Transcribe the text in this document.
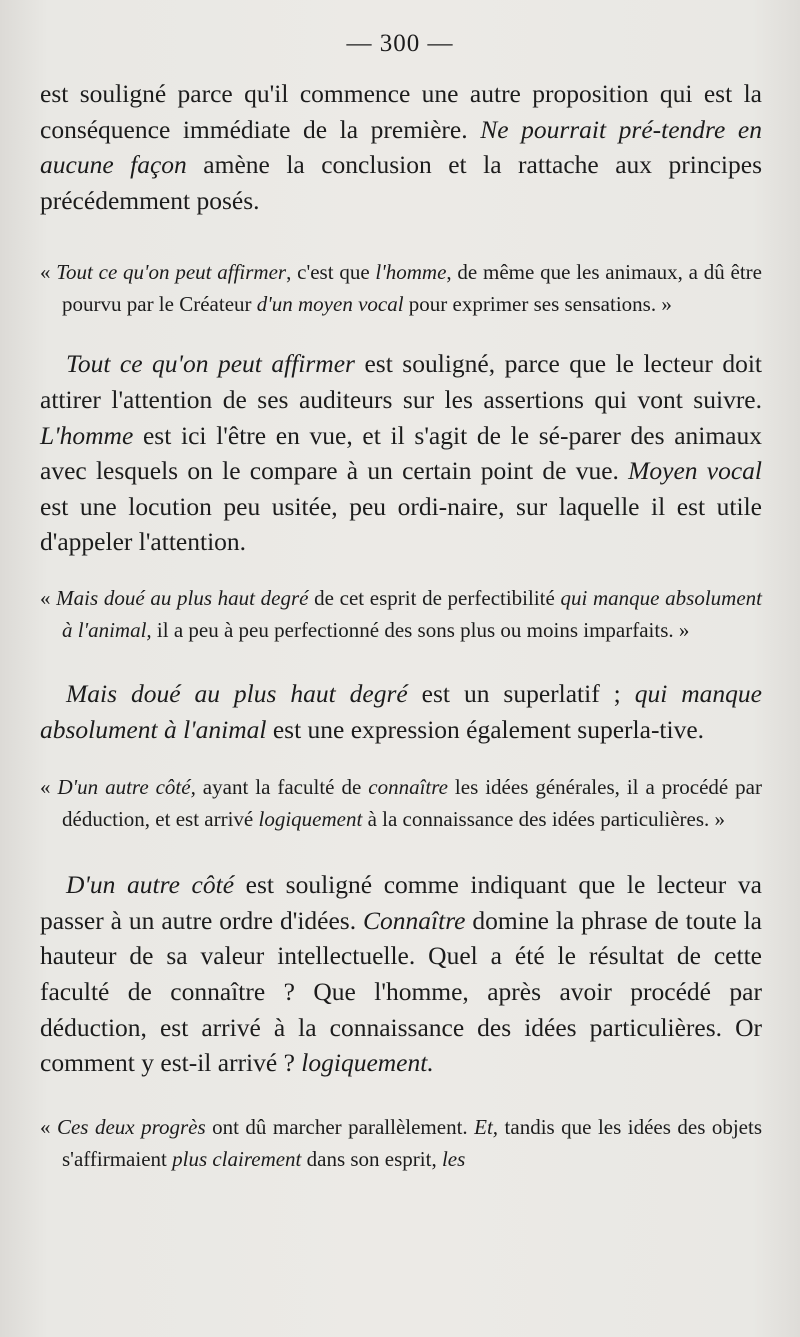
— 300 —

est souligné parce qu'il commence une autre proposition qui est la conséquence immédiate de la première. Ne pourrait pré-tendre en aucune façon amène la conclusion et la rattache aux principes précédemment posés.

« Tout ce qu'on peut affirmer, c'est que l'homme, de même que les animaux, a dû être pourvu par le Créateur d'un moyen vocal pour exprimer ses sensations. »

Tout ce qu'on peut affirmer est souligné, parce que le lecteur doit attirer l'attention de ses auditeurs sur les assertions qui vont suivre. L'homme est ici l'être en vue, et il s'agit de le sé-parer des animaux avec lesquels on le compare à un certain point de vue. Moyen vocal est une locution peu usitée, peu ordi-naire, sur laquelle il est utile d'appeler l'attention.

« Mais doué au plus haut degré de cet esprit de perfectibilité qui manque absolument à l'animal, il a peu à peu perfectionné des sons plus ou moins imparfaits. »

Mais doué au plus haut degré est un superlatif ; qui manque absolument à l'animal est une expression également superla-tive.

« D'un autre côté, ayant la faculté de connaître les idées générales, il a procédé par déduction, et est arrivé logiquement à la connaissance des idées particulières. »

D'un autre côté est souligné comme indiquant que le lecteur va passer à un autre ordre d'idées. Connaître domine la phrase de toute la hauteur de sa valeur intellectuelle. Quel a été le résultat de cette faculté de connaître ? Que l'homme, après avoir procédé par déduction, est arrivé à la connaissance des idées particulières. Or comment y est-il arrivé ? logiquement.

« Ces deux progrès ont dû marcher parallèlement. Et, tandis que les idées des objets s'affirmaient plus clairement dans son esprit, les
